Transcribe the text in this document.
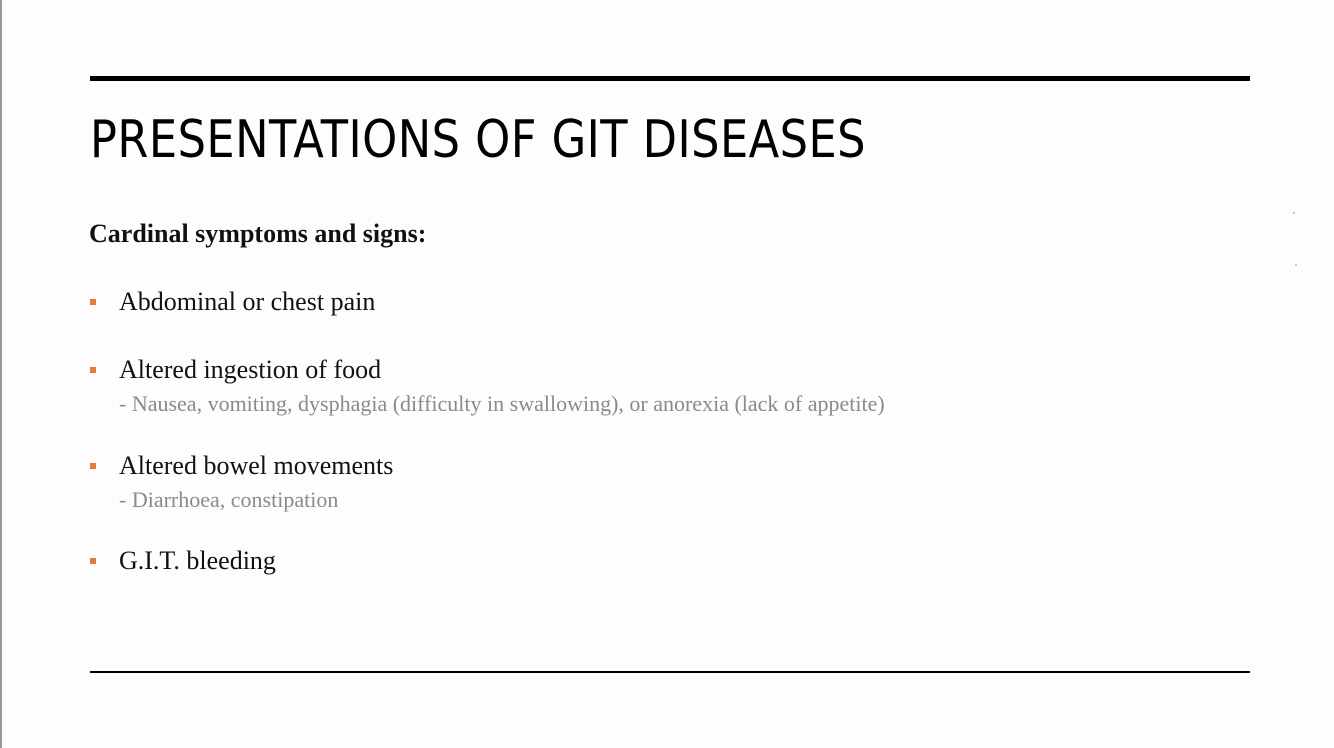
PRESENTATIONS OF GIT DISEASES

Cardinal symptoms and signs:

Abdominal or chest pain

Altered ingestion of food

- Nausea, vomiting, dysphagia (difficulty in swallowing), or anorexia (lack of appetite)

Altered bowel movements

- Diarrhoea, constipation

G.I.T. bleeding
